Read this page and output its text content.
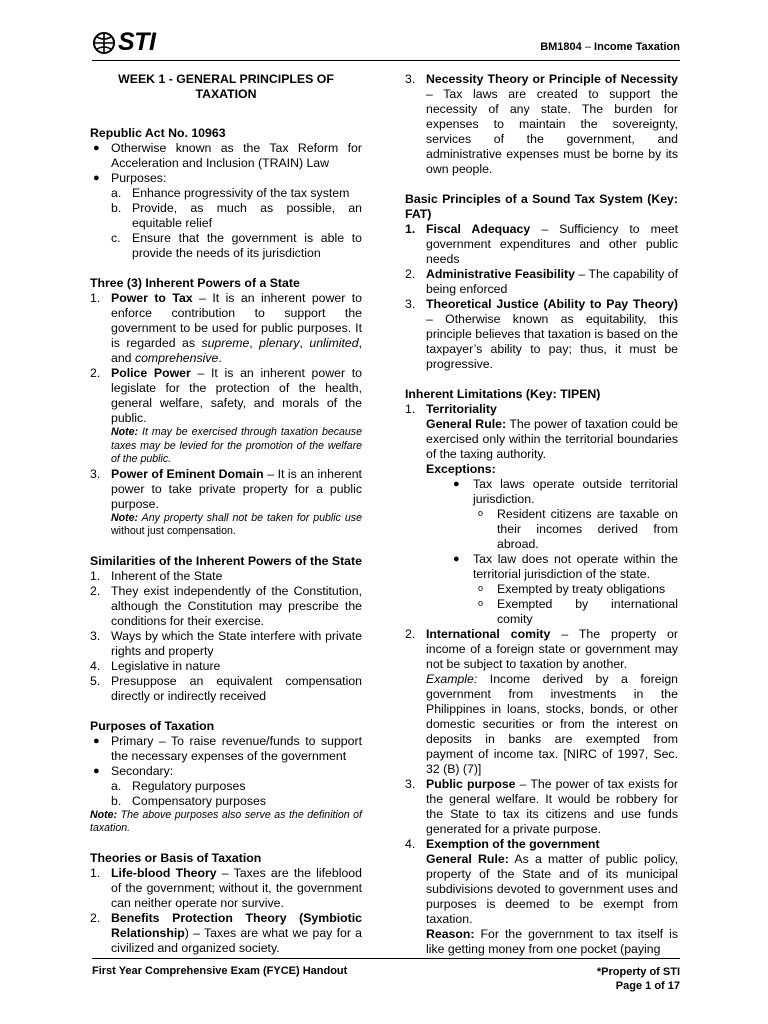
STI	BM1804 – Income Taxation
WEEK 1 - GENERAL PRINCIPLES OF TAXATION

Republic Act No. 10963

● Otherwise known as the Tax Reform for Acceleration and Inclusion (TRAIN) Law
● Purposes:
a. Enhance progressivity of the tax system
b. Provide, as much as possible, an equitable relief
c. Ensure that the government is able to provide the needs of its jurisdiction

Three (3) Inherent Powers of a State

1. Power to Tax – It is an inherent power to enforce contribution to support the government to be used for public purposes. It is regarded as supreme, plenary, unlimited, and comprehensive.
2. Police Power – It is an inherent power to legislate for the protection of the health, general welfare, safety, and morals of the public.
Note: It may be exercised through taxation because taxes may be levied for the promotion of the welfare of the public.
3. Power of Eminent Domain – It is an inherent power to take private property for a public purpose.
Note: Any property shall not be taken for public use without just compensation.

Similarities of the Inherent Powers of the State

1. Inherent of the State
2. They exist independently of the Constitution, although the Constitution may prescribe the conditions for their exercise.
3. Ways by which the State interfere with private rights and property
4. Legislative in nature
5. Presuppose an equivalent compensation directly or indirectly received

Purposes of Taxation

● Primary – To raise revenue/funds to support the necessary expenses of the government
● Secondary:
a. Regulatory purposes
b. Compensatory purposes
Note: The above purposes also serve as the definition of taxation.

Theories or Basis of Taxation

1. Life-blood Theory – Taxes are the lifeblood of the government; without it, the government can neither operate nor survive.
2. Benefits Protection Theory (Symbiotic Relationship) – Taxes are what we pay for a civilized and organized society.
3. Necessity Theory or Principle of Necessity – Tax laws are created to support the necessity of any state. The burden for expenses to maintain the sovereignty, services of the government, and administrative expenses must be borne by its own people.

Basic Principles of a Sound Tax System (Key: FAT)

1. Fiscal Adequacy – Sufficiency to meet government expenditures and other public needs
2. Administrative Feasibility – The capability of being enforced
3. Theoretical Justice (Ability to Pay Theory) – Otherwise known as equitability, this principle believes that taxation is based on the taxpayer’s ability to pay; thus, it must be progressive.

Inherent Limitations (Key: TIPEN)

1. Territoriality
General Rule: The power of taxation could be exercised only within the territorial boundaries of the taxing authority.
Exceptions:
● Tax laws operate outside territorial jurisdiction.
o Resident citizens are taxable on their incomes derived from abroad.
● Tax law does not operate within the territorial jurisdiction of the state.
o Exempted by treaty obligations
o Exempted by international comity
2. International comity – The property or income of a foreign state or government may not be subject to taxation by another.
Example: Income derived by a foreign government from investments in the Philippines in loans, stocks, bonds, or other domestic securities or from the interest on deposits in banks are exempted from payment of income tax. [NIRC of 1997, Sec. 32 (B) (7)]
3. Public purpose – The power of tax exists for the general welfare. It would be robbery for the State to tax its citizens and use funds generated for a private purpose.
4. Exemption of the government
General Rule: As a matter of public policy, property of the State and of its municipal subdivisions devoted to government uses and purposes is deemed to be exempt from taxation.
Reason: For the government to tax itself is like getting money from one pocket (paying
First Year Comprehensive Exam (FYCE) Handout	*Property of STI
Page 1 of 17
